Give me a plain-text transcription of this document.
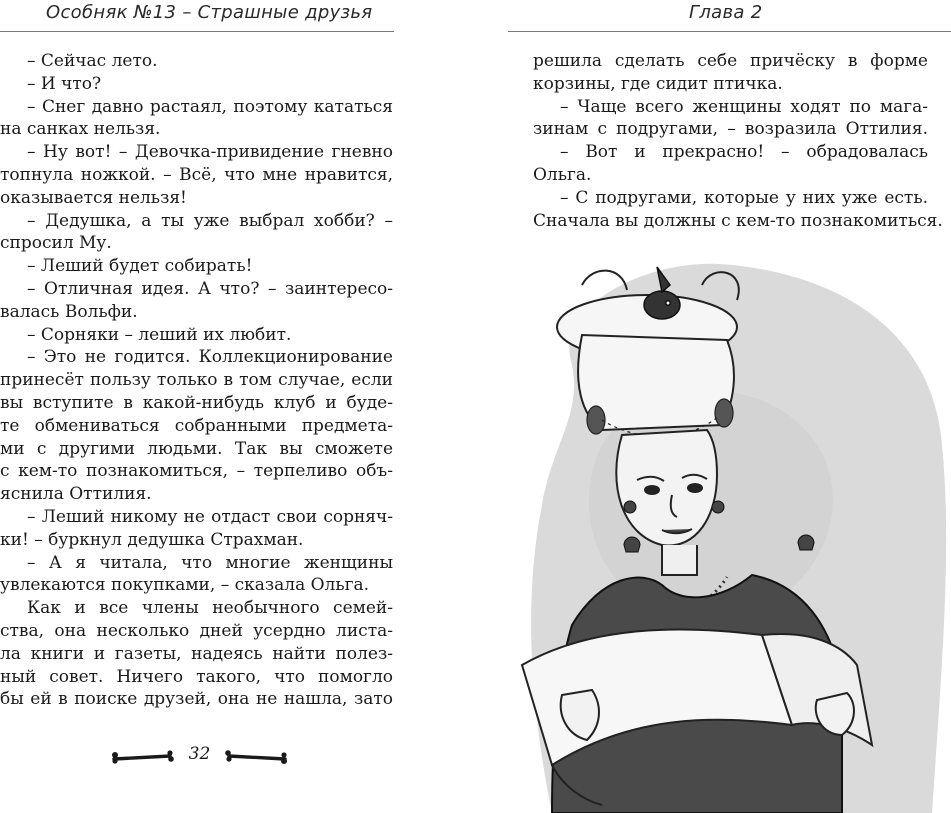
Особняк №13 – Страшные друзья
– Сейчас лето.
– И что?
– Снег давно растаял, поэтому кататься
на санках нельзя.
– Ну вот! – Девочка-привидение гневно
топнула ножкой. – Всё, что мне нравится,
оказывается нельзя!
– Дедушка, а ты уже выбрал хобби? –
спросил Му.
– Леший будет собирать!
– Отличная идея. А что? – заинтересо-
валась Вольфи.
– Сорняки – леший их любит.
– Это не годится. Коллекционирование
принесёт пользу только в том случае, если
вы вступите в какой-нибудь клуб и буде-
те обмениваться собранными предмета-
ми с другими людьми. Так вы сможете
с кем-то познакомиться, – терпеливо объ-
яснила Оттилия.
– Леший никому не отдаст свои сорняч-
ки! – буркнул дедушка Страхман.
– А я читала, что многие женщины
увлекаются покупками, – сказала Ольга.
Как и все члены необычного семей-
ства, она несколько дней усердно листа-
ла книги и газеты, надеясь найти полез-
ный совет. Ничего такого, что помогло
бы ей в поиске друзей, она не нашла, зато
32
Глава 2
решила сделать себе причёску в форме
корзины, где сидит птичка.
– Чаще всего женщины ходят по мага-
зинам с подругами, – возразила Оттилия.
– Вот и прекрасно! – обрадовалась
Ольга.
– С подругами, которые у них уже есть.
Сначала вы должны с кем-то познакомиться.
